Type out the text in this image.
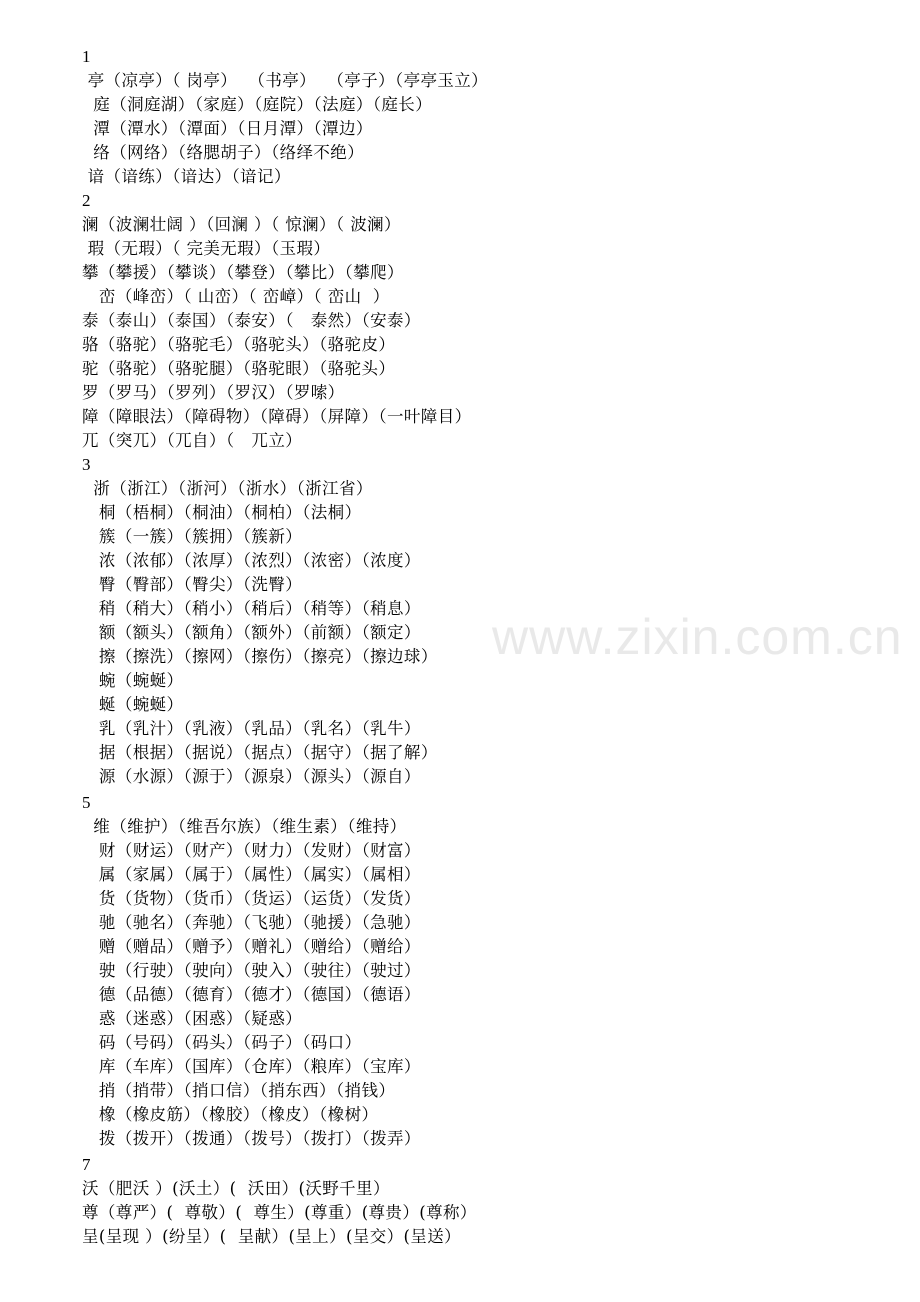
www.zixin.com.cn
1
亭（凉亭）（ 岗亭）  （书亭）  （亭子）（亭亭玉立）
庭（洞庭湖）（家庭）（庭院）（法庭）（庭长）
潭（潭水）（潭面）（日月潭）（潭边）
络（网络）（络腮胡子）（络绎不绝）
谙（谙练）（谙达）（谙记）
2
澜（波澜壮阔 ）（回澜 ）（ 惊澜）（ 波澜）
瑕（无瑕）（ 完美无瑕）（玉瑕）
攀（攀援）（攀谈）（攀登）（攀比）（攀爬）
峦（峰峦）（ 山峦）（ 峦嶂）（ 峦山  ）
泰（泰山）（泰国）（泰安）（   泰然）（安泰）
骆（骆驼）（骆驼毛）（骆驼头）（骆驼皮）
驼（骆驼）（骆驼腿）（骆驼眼）（骆驼头）
罗（罗马）（罗列）（罗汉）（罗嗦）
障（障眼法）（障碍物）（障碍）（屏障）（一叶障目）
兀（突兀）（兀自）（   兀立）
3
浙（浙江）（浙河）（浙水）（浙江省）
桐（梧桐）（桐油）（桐柏）（法桐）
簇（一簇）（簇拥）（簇新）
浓（浓郁）（浓厚）（浓烈）（浓密）（浓度）
臀（臀部）（臀尖）（洗臀）
稍（稍大）（稍小）（稍后）（稍等）（稍息）
额（额头）（额角）（额外）（前额）（额定）
擦（擦洗）（擦网）（擦伤）（擦亮）（擦边球）
蜿（蜿蜒）
蜒（蜿蜒）
乳（乳汁）（乳液）（乳品）（乳名）（乳牛）
据（根据）（据说）（据点）（据守）（据了解）
源（水源）（源于）（源泉）（源头）（源自）
5
维（维护）（维吾尔族）（维生素）（维持）
财（财运）（财产）（财力）（发财）（财富）
属（家属）（属于）（属性）（属实）（属相）
货（货物）（货币）（货运）（运货）（发货）
驰（驰名）（奔驰）（飞驰）（驰援）（急驰）
赠（赠品）（赠予）（赠礼）（赠给）（赠给）
驶（行驶）（驶向）（驶入）（驶往）（驶过）
德（品德）（德育）（德才）（德国）（德语）
惑（迷惑）（困惑）（疑惑）
码（号码）（码头）（码子）（码口）
库（车库）（国库）（仓库）（粮库）（宝库）
捎（捎带）（捎口信）（捎东西）（捎钱）
橡（橡皮筋）（橡胶）（橡皮）（橡树）
拨（拨开）（拨通）（拨号）（拨打）（拨弄）
7
沃（肥沃 ）(沃土）(  沃田）(沃野千里）
尊（尊严）(  尊敬）(  尊生）(尊重）(尊贵）(尊称）
呈(呈现 ）(纷呈）(  呈献）(呈上）(呈交）(呈送）
